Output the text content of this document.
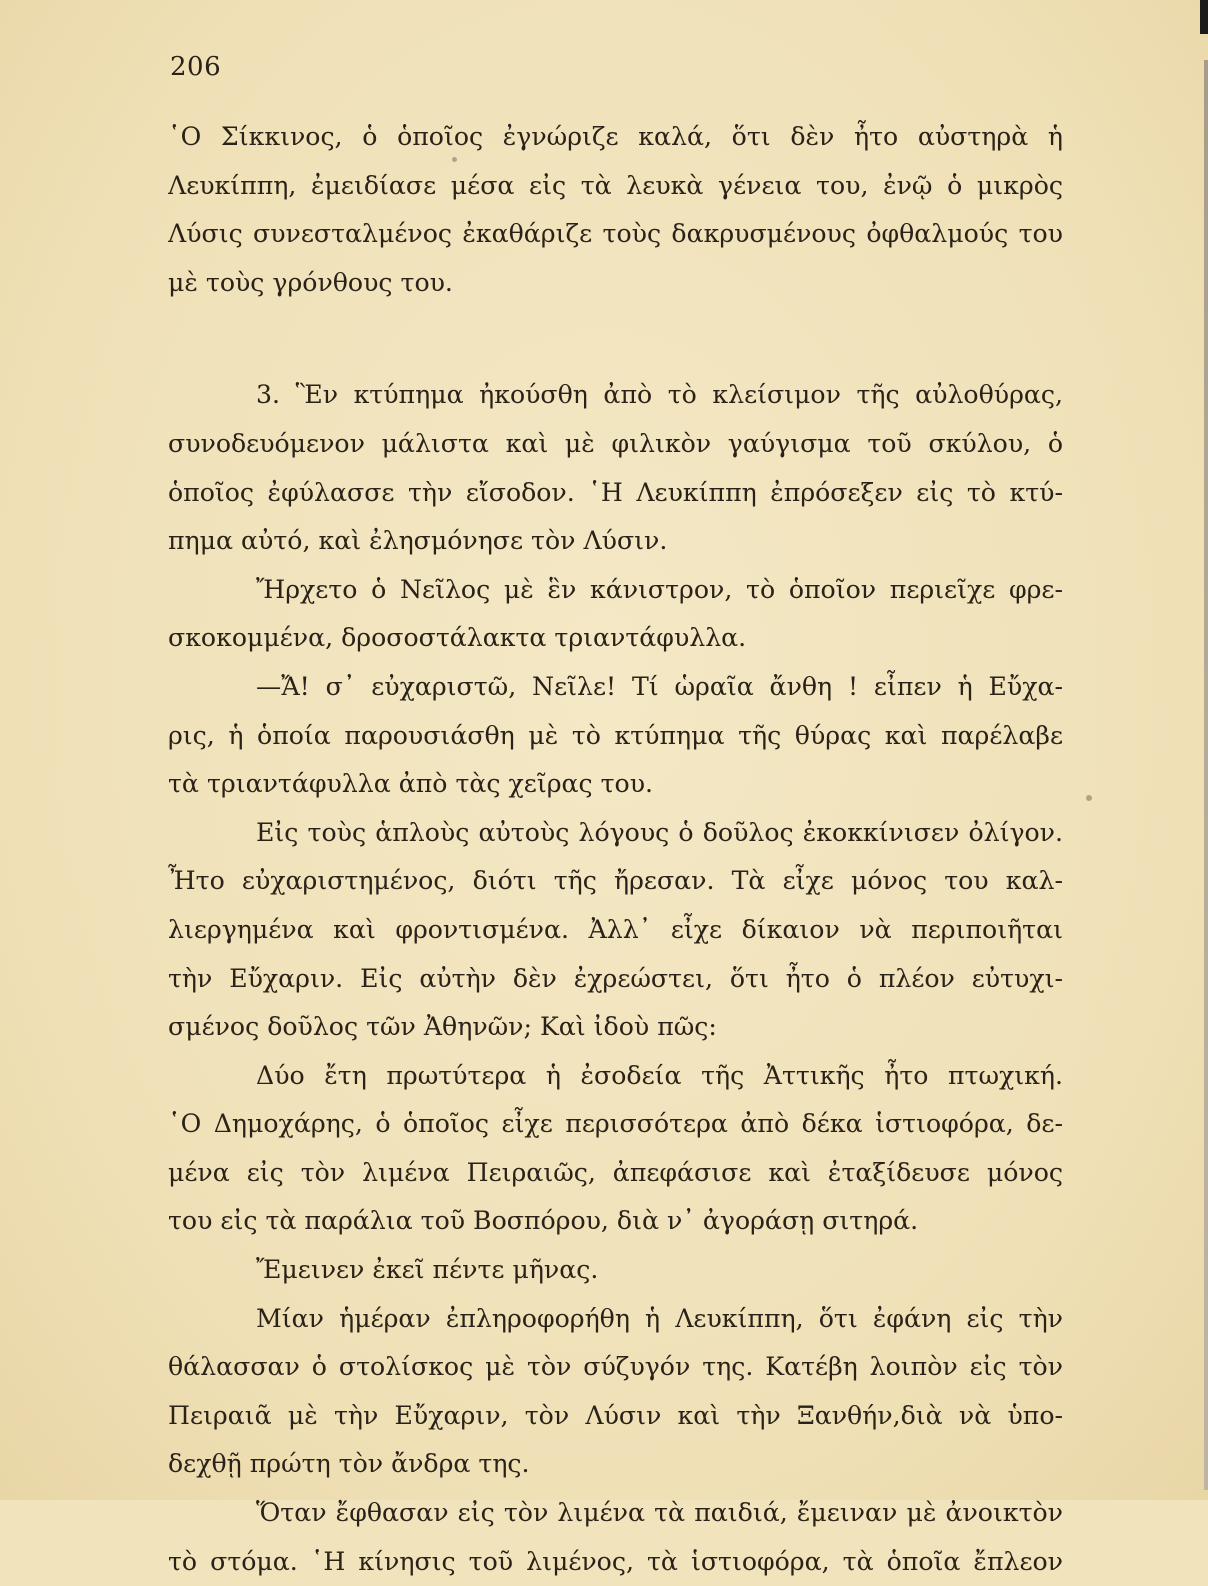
206
῾Ο Σίκκινος, ὁ ὁποῖος ἐγνώριζε καλά, ὅτι δὲν ἦτο αὐστηρὰ ἡ
Λευκίππη, ἐμειδίασε μέσα εἰς τὰ λευκὰ γένεια του, ἐνῷ ὁ μικρὸς
Λύσις συνεσταλμένος ἐκαθάριζε τοὺς δακρυσμένους ὀφθαλμούς του
μὲ τοὺς γρόνθους του.
3. Ἓν κτύπημα ἠκούσθη ἀπὸ τὸ κλείσιμον τῆς αὐλοθύρας,
συνοδευόμενον μάλιστα καὶ μὲ φιλικὸν γαύγισμα τοῦ σκύλου, ὁ
ὁποῖος ἐφύλασσε τὴν εἴσοδον. ῾Η Λευκίππη ἐπρόσεξεν εἰς τὸ κτύ-
πημα αὐτό, καὶ ἐλησμόνησε τὸν Λύσιν.
Ἤρχετο ὁ Νεῖλος μὲ ἓν κάνιστρον, τὸ ὁποῖον περιεῖχε φρε-
σκοκομμένα, δροσοστάλακτα τριαντάφυλλα.
—Ἄ! σ᾽ εὐχαριστῶ, Νεῖλε! Τί ὡραῖα ἄνθη ! εἶπεν ἡ Εὔχα-
ρις, ἡ ὁποία παρουσιάσθη μὲ τὸ κτύπημα τῆς θύρας καὶ παρέλαβε
τὰ τριαντάφυλλα ἀπὸ τὰς χεῖρας του.
Εἰς τοὺς ἁπλοὺς αὐτοὺς λόγους ὁ δοῦλος ἐκοκκίνισεν ὀλίγον.
Ἦτο εὐχαριστημένος, διότι τῆς ἤρεσαν. Τὰ εἶχε μόνος του καλ-
λιεργημένα καὶ φροντισμένα. Ἀλλ᾽ εἶχε δίκαιον νὰ περιποιῆται
τὴν Εὔχαριν. Εἰς αὐτὴν δὲν ἐχρεώστει, ὅτι ἦτο ὁ πλέον εὐτυχι-
σμένος δοῦλος τῶν Ἀθηνῶν; Καὶ ἰδοὺ πῶς:
Δύο ἔτη πρωτύτερα ἡ ἐσοδεία τῆς Ἀττικῆς ἦτο πτωχική.
῾Ο Δημοχάρης, ὁ ὁποῖος εἶχε περισσότερα ἀπὸ δέκα ἱστιοφόρα, δε-
μένα εἰς τὸν λιμένα Πειραιῶς, ἀπεφάσισε καὶ ἐταξίδευσε μόνος
του εἰς τὰ παράλια τοῦ Βοσπόρου, διὰ ν᾽ ἀγοράσῃ σιτηρά.
Ἔμεινεν ἐκεῖ πέντε μῆνας.
Μίαν ἡμέραν ἐπληροφορήθη ἡ Λευκίππη, ὅτι ἐφάνη εἰς τὴν
θάλασσαν ὁ στολίσκος μὲ τὸν σύζυγόν της. Κατέβη λοιπὸν εἰς τὸν
Πειραιᾶ μὲ τὴν Εὔχαριν, τὸν Λύσιν καὶ τὴν Ξανθήν,διὰ νὰ ὑπο-
δεχθῇ πρώτη τὸν ἄνδρα της.
Ὅταν ἔφθασαν εἰς τὸν λιμένα τὰ παιδιά, ἔμειναν μὲ ἀνοικτὸν
τὸ στόμα. ῾Η κίνησις τοῦ λιμένος, τὰ ἱστιοφόρα, τὰ ὁποῖα ἔπλεον
